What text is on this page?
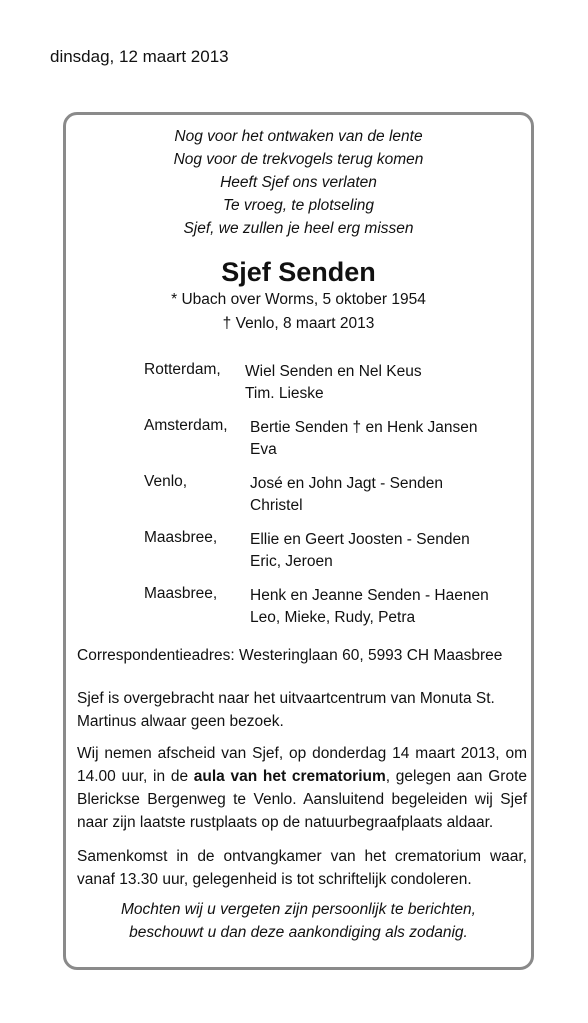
dinsdag, 12 maart 2013
Nog voor het ontwaken van de lente
Nog voor de trekvogels terug komen
Heeft Sjef ons verlaten
Te vroeg, te plotseling
Sjef, we zullen je heel erg missen
Sjef Senden
* Ubach over Worms, 5 oktober 1954
† Venlo, 8 maart 2013
Rotterdam, Wiel Senden en Nel Keus
Tim. Lieske
Amsterdam, Bertie Senden † en Henk Jansen
Eva
Venlo,	José en John Jagt - Senden
Christel
Maasbree, Ellie en Geert Joosten - Senden
Eric, Jeroen
Maasbree, Henk en Jeanne Senden - Haenen
Leo, Mieke, Rudy, Petra
Correspondentieadres: Westeringlaan 60, 5993 CH Maasbree
Sjef is overgebracht naar het uitvaartcentrum van Monuta St. Martinus alwaar geen bezoek.
Wij nemen afscheid van Sjef, op donderdag 14 maart 2013, om 14.00 uur, in de aula van het crematorium, gelegen aan Grote Blerickse Bergenweg te Venlo. Aansluitend begeleiden wij Sjef naar zijn laatste rustplaats op de natuurbegraafplaats aldaar.
Samenkomst in de ontvangkamer van het crematorium waar, vanaf 13.30 uur, gelegenheid is tot schriftelijk condoleren.
Mochten wij u vergeten zijn persoonlijk te berichten,
beschouwt u dan deze aankondiging als zodanig.
